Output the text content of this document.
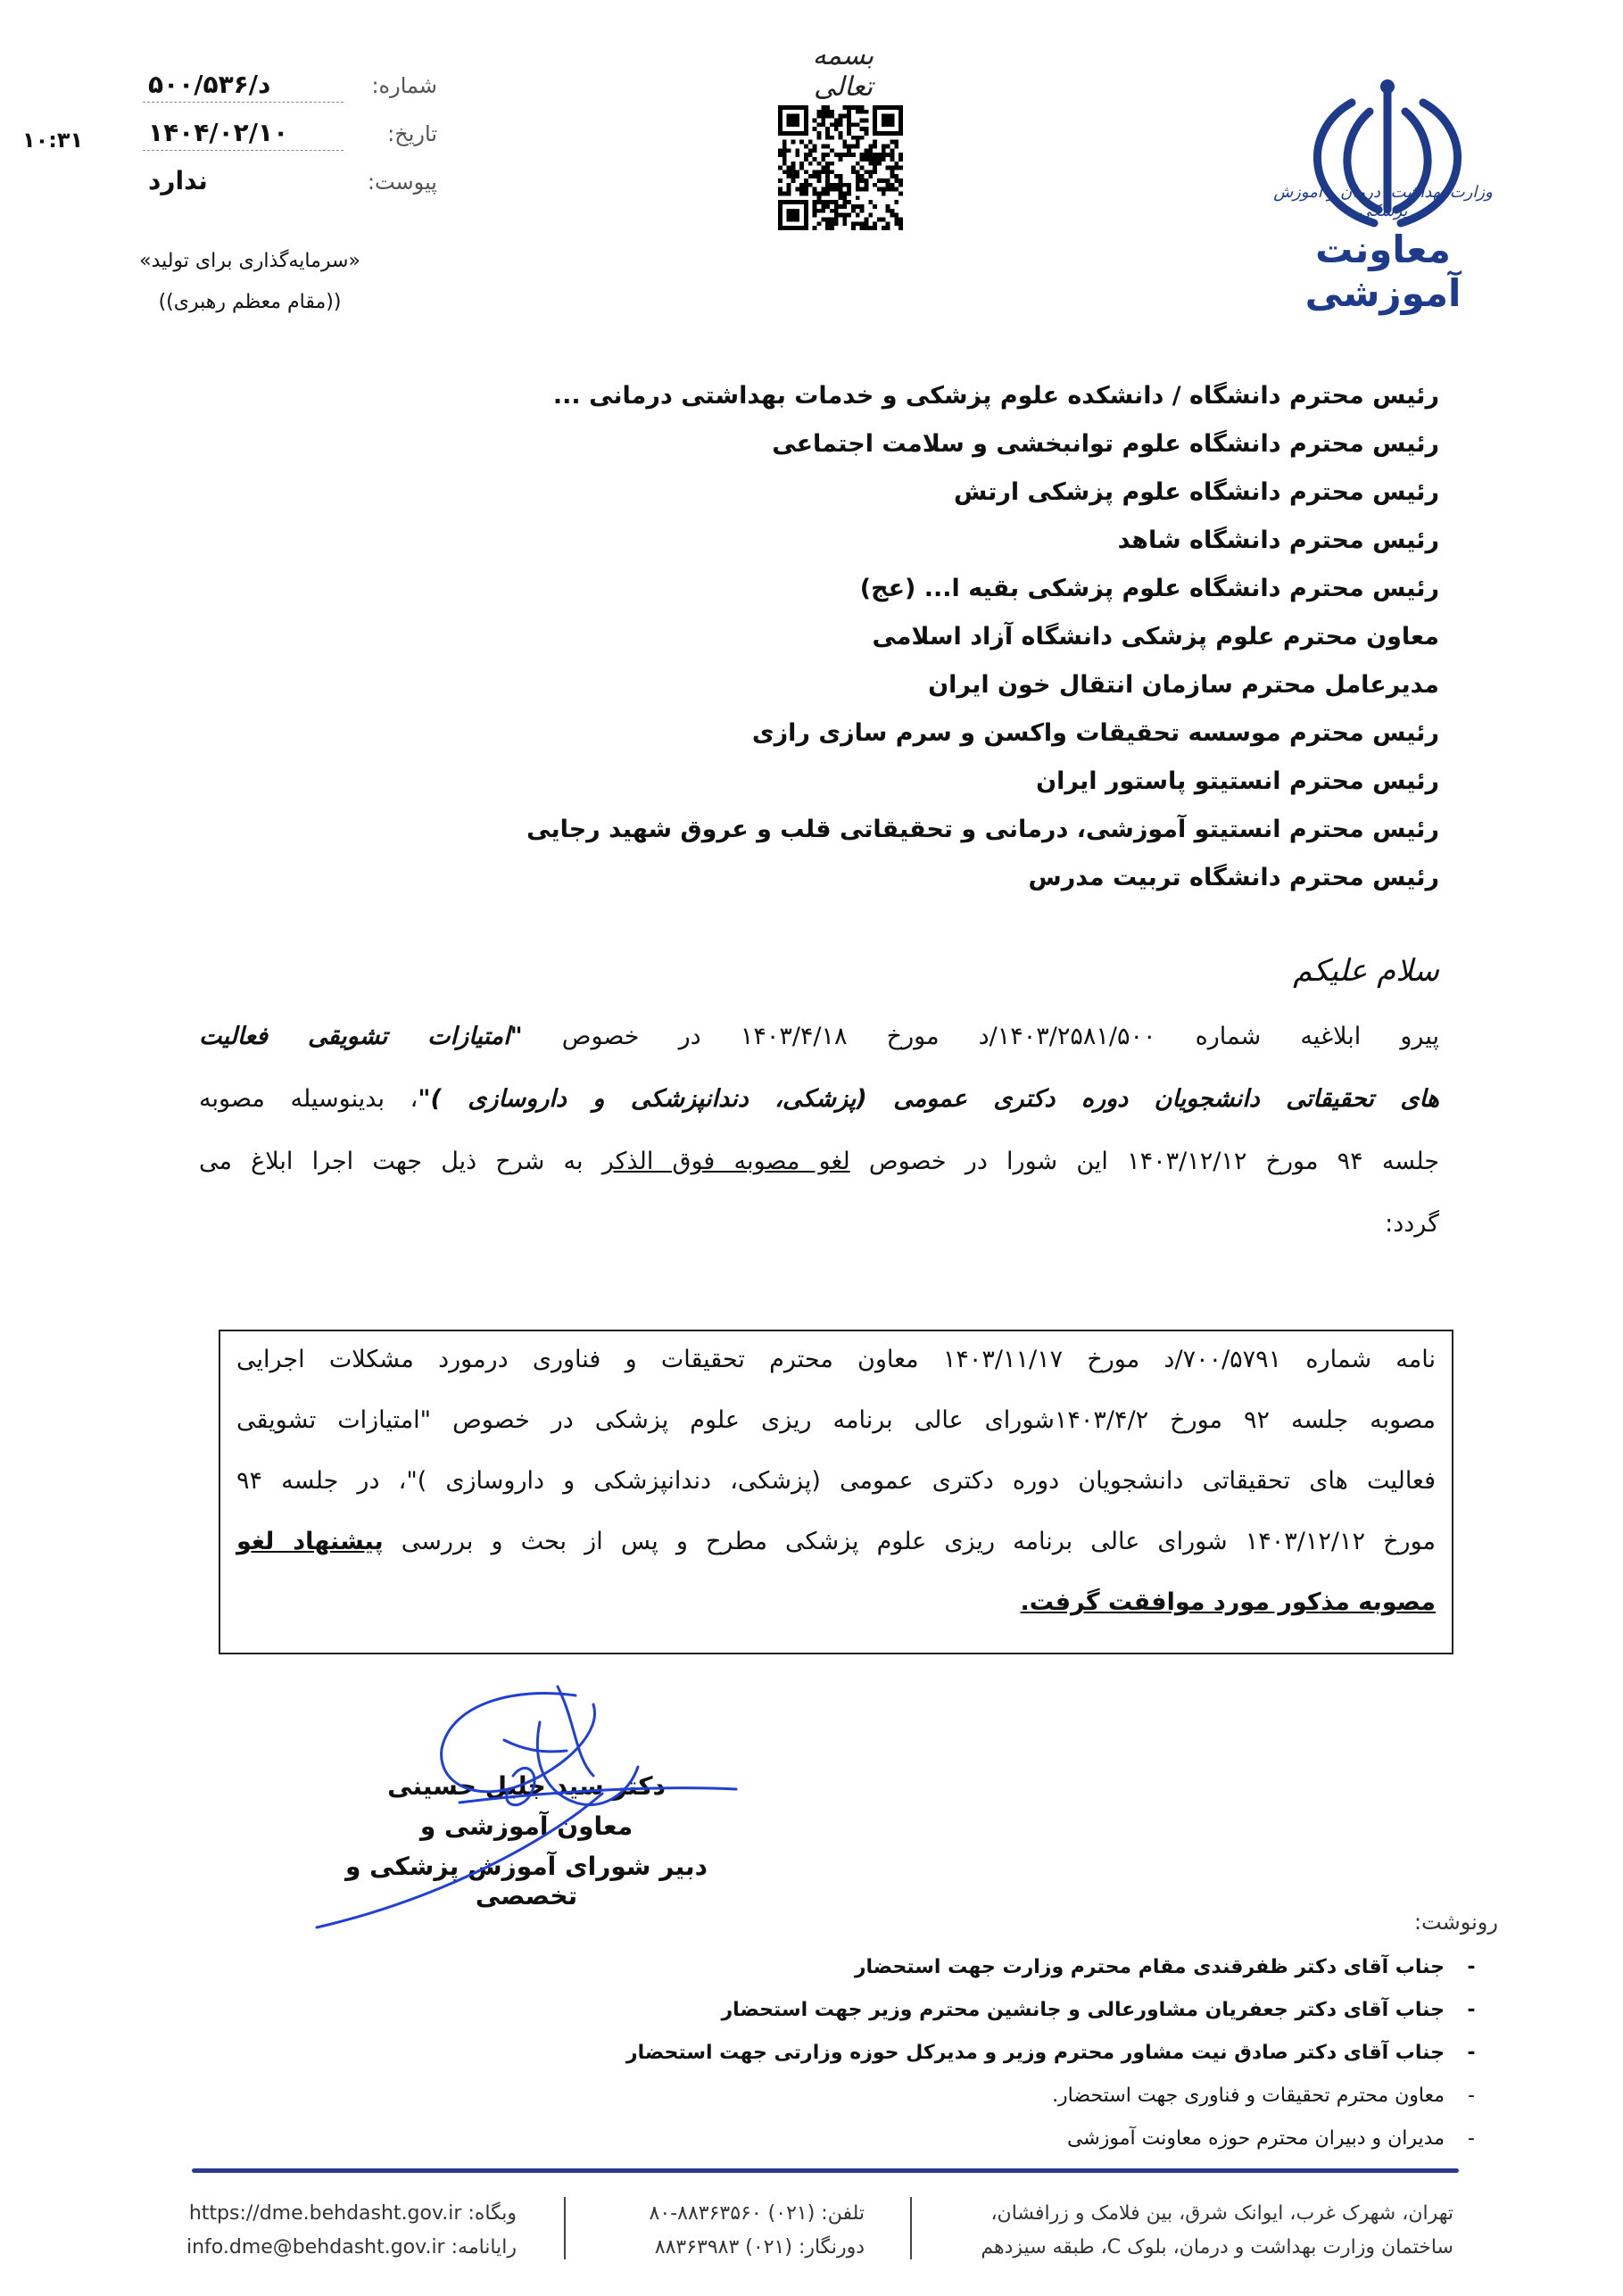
شماره:
د/۵۰۰/۵۳۶
تاریخ:
۱۴۰۴/۰۲/۱۰
پیوست:
ندارد
۱۰:۳۱
«سرمایه‌گذاری برای تولید»
((مقام معظم رهبری))
بسمه تعالی
وزارت بهداشت، درمان و آموزش پزشکی
معاونت آموزشی
رئیس محترم دانشگاه / دانشکده علوم پزشکی و خدمات بهداشتی درمانی ...
رئیس محترم دانشگاه علوم توانبخشی و سلامت اجتماعی
رئیس محترم دانشگاه علوم پزشکی ارتش
رئیس محترم دانشگاه شاهد
رئیس محترم دانشگاه علوم پزشکی بقیه ا... (عج)
معاون محترم علوم پزشکی دانشگاه آزاد اسلامی
مدیرعامل محترم سازمان انتقال خون ایران
رئیس محترم موسسه تحقیقات واکسن و سرم سازی رازی
رئیس محترم انستیتو پاستور ایران
رئیس محترم انستیتو آموزشی، درمانی و تحقیقاتی قلب و عروق شهید رجایی
رئیس محترم دانشگاه تربیت مدرس
سلام علیکم
پیرو ابلاغیه شماره ۱۴۰۳/۲۵۸۱/۵۰۰/د مورخ ۱۴۰۳/۴/۱۸ در خصوص "امتیازات تشویقی فعالیت
های تحقیقاتی دانشجویان دوره دکتری عمومی (پزشکی، دندانپزشکی و داروسازی )"، بدینوسیله مصوبه
جلسه ۹۴ مورخ ۱۴۰۳/۱۲/۱۲ این شورا در خصوص لغو مصوبه فوق الذکر به شرح ذیل جهت اجرا ابلاغ می
گردد:
نامه شماره ۷۰۰/۵۷۹۱/د مورخ ۱۴۰۳/۱۱/۱۷ معاون محترم تحقیقات و فناوری درمورد مشکلات اجرایی
مصوبه جلسه ۹۲ مورخ ۱۴۰۳/۴/۲شورای عالی برنامه ریزی علوم پزشکی در خصوص "امتیازات تشویقی
فعالیت های تحقیقاتی دانشجویان دوره دکتری عمومی (پزشکی، دندانپزشکی و داروسازی )"، در جلسه ۹۴
مورخ ۱۴۰۳/۱۲/۱۲ شورای عالی برنامه ریزی علوم پزشکی مطرح و پس از بحث و بررسی پیشنهاد لغو
مصوبه مذکور مورد موافقت گرفت.
دکتر سید جلیل حسینی
معاون آموزشی و
دبیر شورای آموزش پزشکی و تخصصی
رونوشت:
-جناب آقای دکتر ظفرقندی مقام محترم وزارت جهت استحضار
-جناب آقای دکتر جعفریان مشاورعالی و جانشین محترم وزیر جهت استحضار
-جناب آقای دکتر صادق نیت مشاور محترم وزیر و مدیرکل حوزه وزارتی جهت استحضار
-معاون محترم تحقیقات و فناوری جهت استحضار.
-مدیران و دبیران محترم حوزه معاونت آموزشی
تهران، شهرک غرب، ایوانک شرق، بین فلامک و زرافشان،
ساختمان وزارت بهداشت و درمان، بلوک C، طبقه سیزدهم
تلفن: (۰۲۱) ۸۸۳۶۳۵۶۰-۸۰
دورنگار: (۰۲۱) ۸۸۳۶۳۹۸۳
وبگاه: https://dme.behdasht.gov.ir
رایانامه: info.dme@behdasht.gov.ir
